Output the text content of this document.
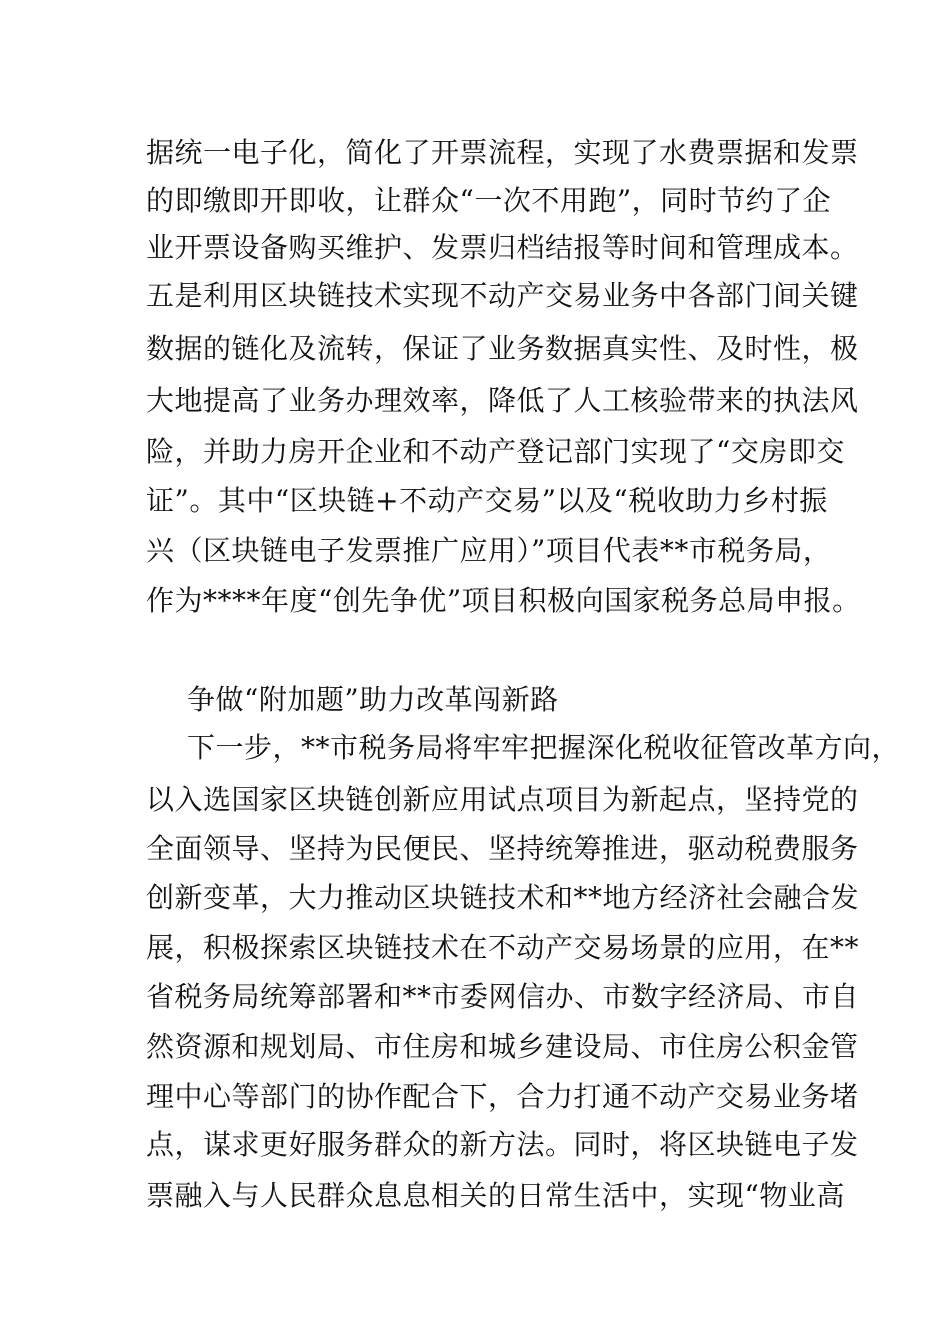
据统一电子化，简化了开票流程，实现了水费票据和发票
的即缴即开即收，让群众“一次不用跑”，同时节约了企
业开票设备购买维护、发票归档结报等时间和管理成本。
五是利用区块链技术实现不动产交易业务中各部门间关键
数据的链化及流转，保证了业务数据真实性、及时性，极
大地提高了业务办理效率，降低了人工核验带来的执法风
险，并助力房开企业和不动产登记部门实现了“交房即交
证”。其中“区块链+不动产交易”以及“税收助力乡村振
兴（区块链电子发票推广应用）”项目代表**市税务局，
作为****年度“创先争优”项目积极向国家税务总局申报。
争做“附加题”助力改革闯新路
下一步，**市税务局将牢牢把握深化税收征管改革方向，
以入选国家区块链创新应用试点项目为新起点，坚持党的
全面领导、坚持为民便民、坚持统筹推进，驱动税费服务
创新变革，大力推动区块链技术和**地方经济社会融合发
展，积极探索区块链技术在不动产交易场景的应用，在**
省税务局统筹部署和**市委网信办、市数字经济局、市自
然资源和规划局、市住房和城乡建设局、市住房公积金管
理中心等部门的协作配合下，合力打通不动产交易业务堵
点，谋求更好服务群众的新方法。同时，将区块链电子发
票融入与人民群众息息相关的日常生活中，实现“物业高
